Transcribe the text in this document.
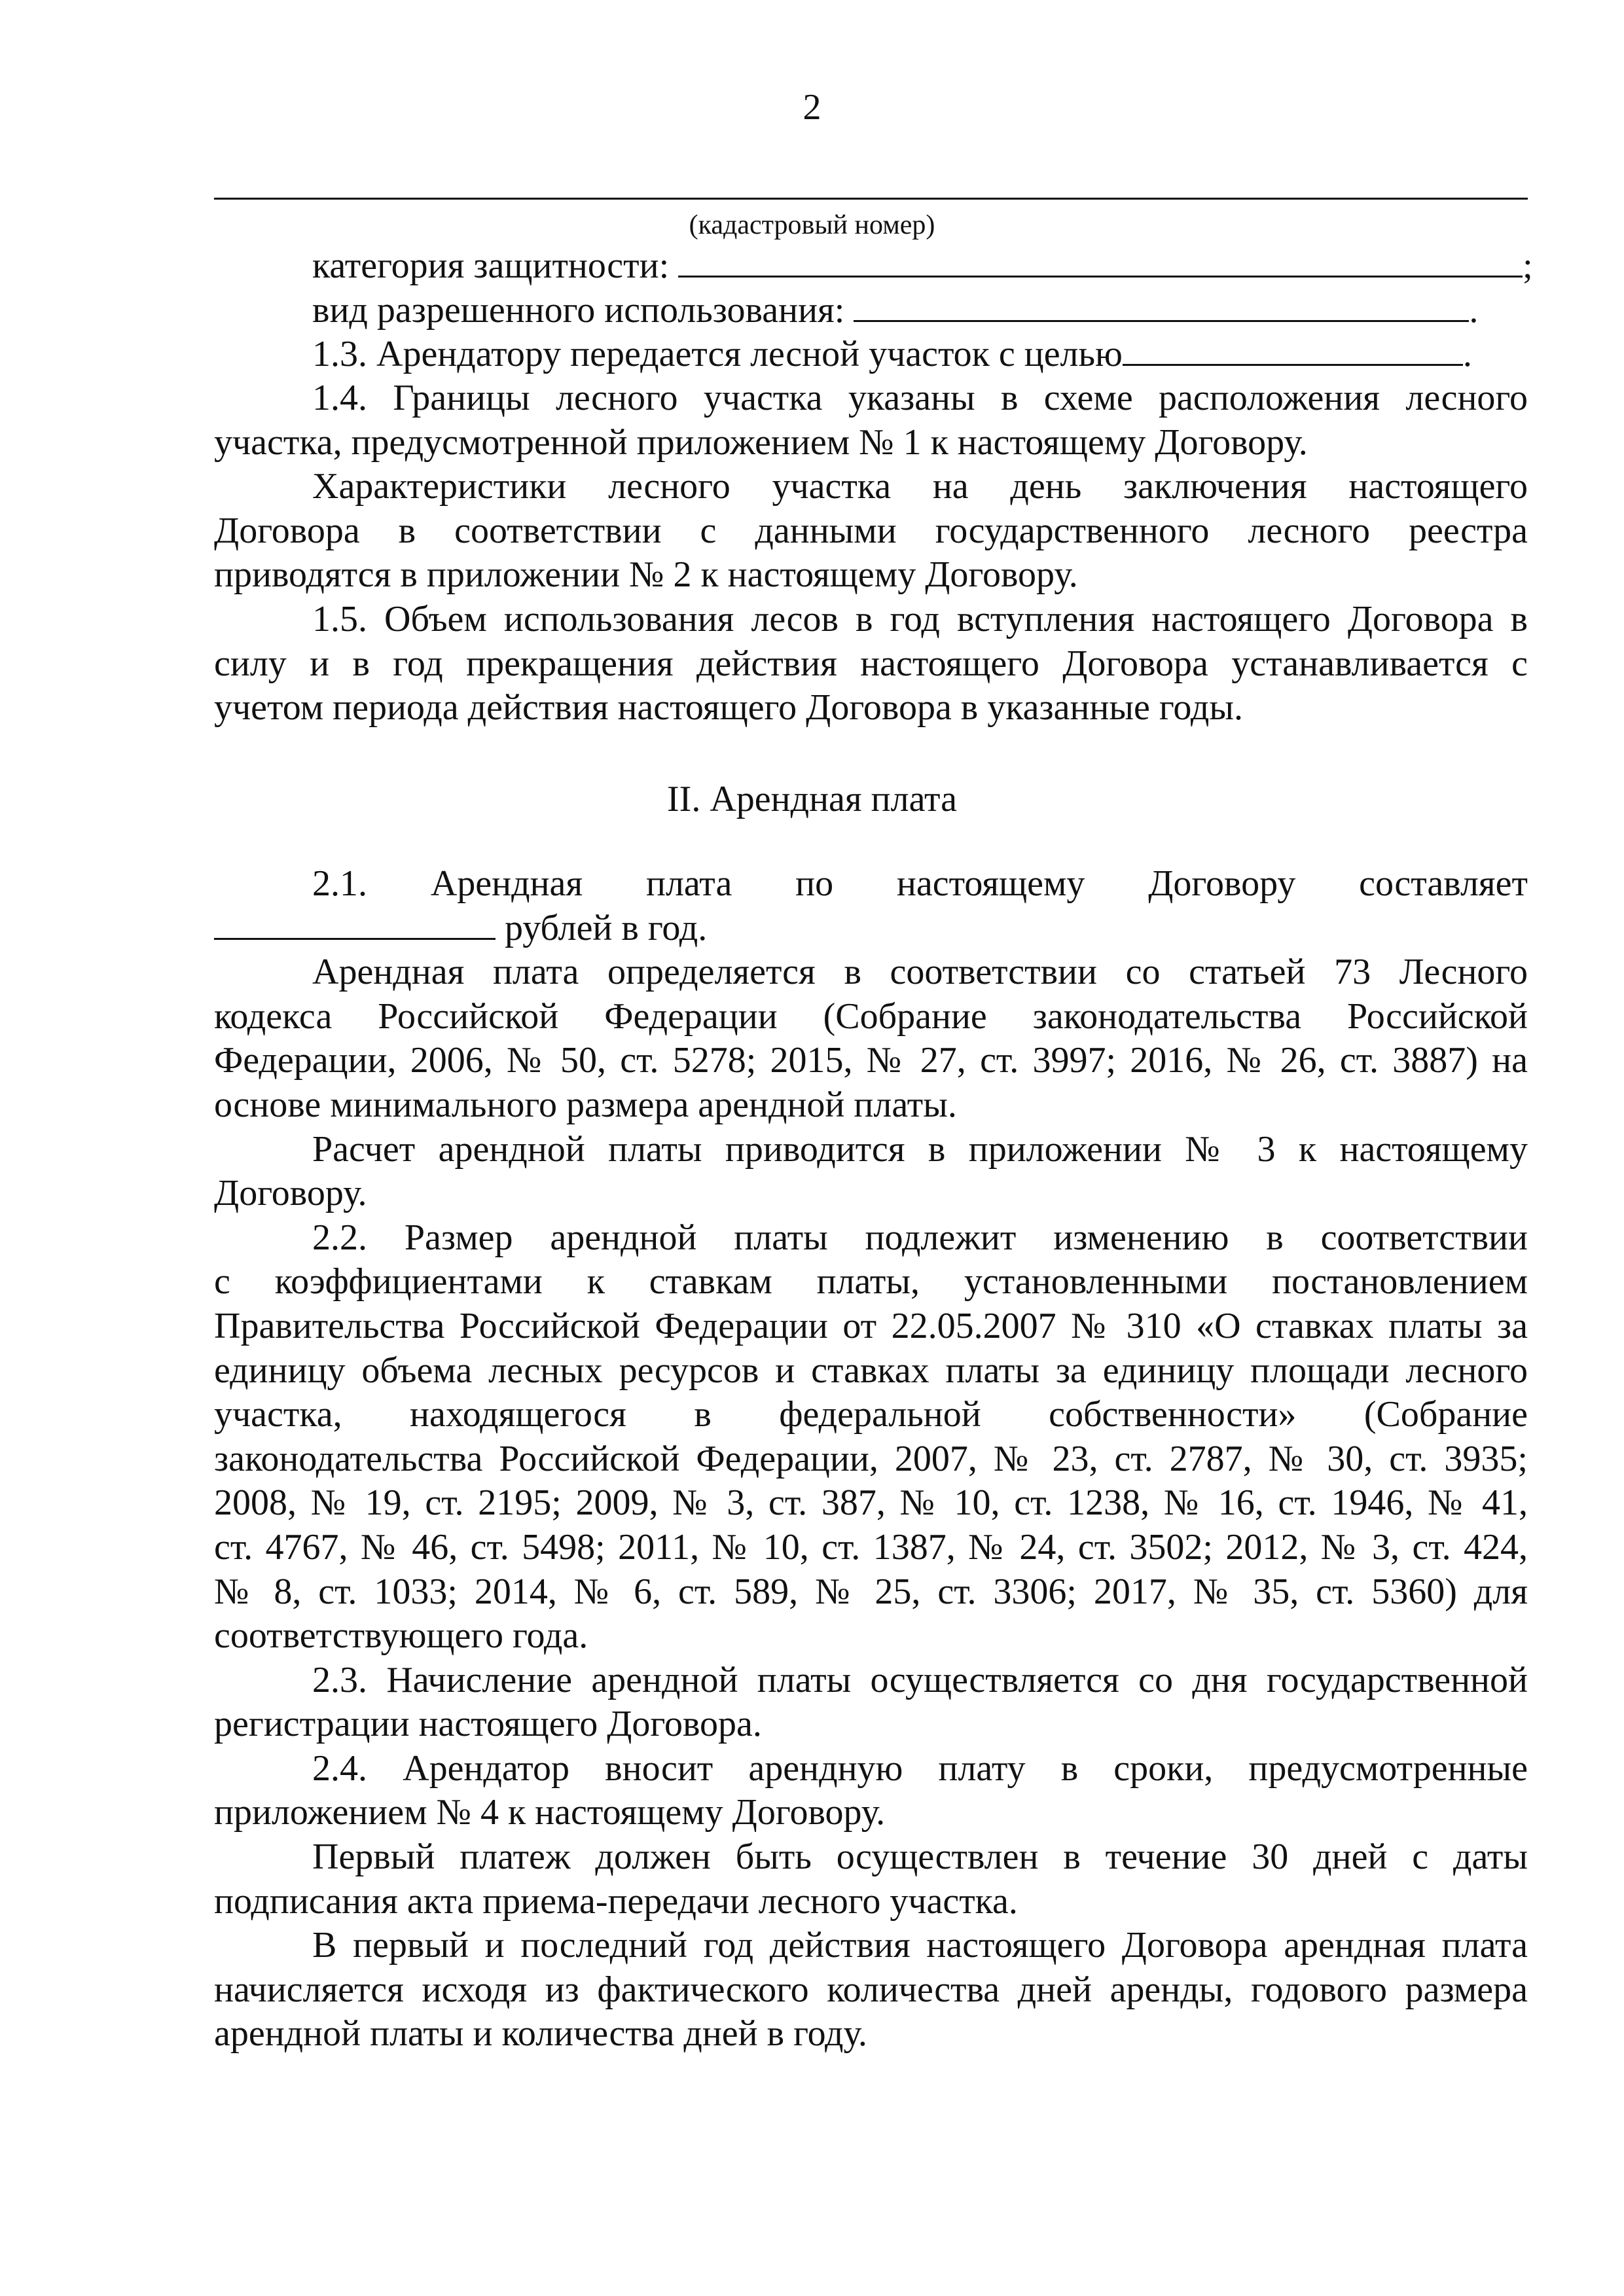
2
(кадастровый номер)

категория защитности:	;

вид разрешенного использования:	.

1.3. Арендатору передается лесной участок с целью	.

1.4. Границы лесного участка указаны в схеме расположения лесного

участка, предусмотренной приложением № 1 к настоящему Договору.

Характеристики лесного участка на день заключения настоящего

Договора в соответствии с данными государственного лесного реестра

приводятся в приложении № 2 к настоящему Договору.

1.5. Объем использования лесов в год вступления настоящего Договора в

силу и в год прекращения действия настоящего Договора устанавливается с

учетом периода действия настоящего Договора в указанные годы.

II. Арендная плата

2.1. Арендная плата по настоящему Договору составляет

рублей в год.

Арендная плата определяется в соответствии со статьей 73 Лесного

кодекса Российской Федерации (Собрание законодательства Российской

Федерации, 2006, № 50, ст. 5278; 2015, № 27, ст. 3997; 2016, № 26, ст. 3887) на

основе минимального размера арендной платы.

Расчет арендной платы приводится в приложении № 3 к настоящему

Договору.

2.2. Размер арендной платы подлежит изменению в соответствии

с коэффициентами к ставкам платы, установленными постановлением

Правительства Российской Федерации от 22.05.2007 № 310 «О ставках платы за

единицу объема лесных ресурсов и ставках платы за единицу площади лесного

участка, находящегося в федеральной собственности» (Собрание

законодательства Российской Федерации, 2007, № 23, ст. 2787, № 30, ст. 3935;

2008, № 19, ст. 2195; 2009, № 3, ст. 387, № 10, ст. 1238, № 16, ст. 1946, № 41,

ст. 4767, № 46, ст. 5498; 2011, № 10, ст. 1387, № 24, ст. 3502; 2012, № 3, ст. 424,

№ 8, ст. 1033; 2014, № 6, ст. 589, № 25, ст. 3306; 2017, № 35, ст. 5360) для

соответствующего года.

2.3. Начисление арендной платы осуществляется со дня государственной

регистрации настоящего Договора.

2.4. Арендатор вносит арендную плату в сроки, предусмотренные

приложением № 4 к настоящему Договору.

Первый платеж должен быть осуществлен в течение 30 дней с даты

подписания акта приема-передачи лесного участка.

В первый и последний год действия настоящего Договора арендная плата

начисляется исходя из фактического количества дней аренды, годового размера

арендной платы и количества дней в году.
